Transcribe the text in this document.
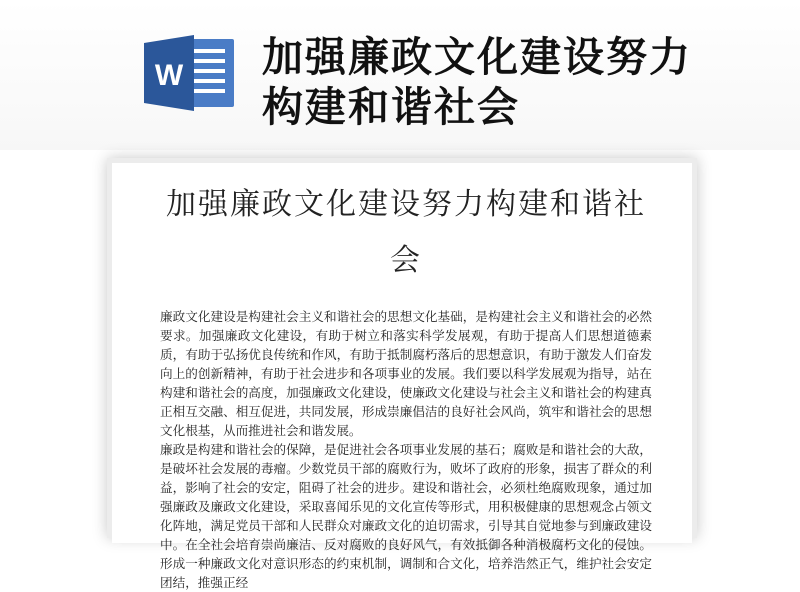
W 加强廉政文化建设努力构建和谐社会
加强廉政文化建设努力构建和谐社会

廉政文化建设是构建社会主义和谐社会的思想文化基础，是构建社会主义和谐社会的必然要求。加强廉政文化建设，有助于树立和落实科学发展观，有助于提高人们思想道德素质，有助于弘扬优良传统和作风，有助于抵制腐朽落后的思想意识，有助于激发人们奋发向上的创新精神，有助于社会进步和各项事业的发展。我们要以科学发展观为指导，站在构建和谐社会的高度，加强廉政文化建设，使廉政文化建设与社会主义和谐社会的构建真正相互交融、相互促进，共同发展，形成崇廉倡洁的良好社会风尚，筑牢和谐社会的思想文化根基，从而推进社会和谐发展。

廉政是构建和谐社会的保障，是促进社会各项事业发展的基石；腐败是和谐社会的大敌，是破坏社会发展的毒瘤。少数党员干部的腐败行为，败坏了政府的形象，损害了群众的利益，影响了社会的安定，阻碍了社会的进步。建设和谐社会，必须杜绝腐败现象，通过加强廉政及廉政文化建设，采取喜闻乐见的文化宣传等形式，用积极健康的思想观念占领文化阵地，满足党员干部和人民群众对廉政文化的迫切需求，引导其自觉地参与到廉政建设中。在全社会培育崇尚廉洁、反对腐败的良好风气，有效抵御各种消极腐朽文化的侵蚀。形成一种廉政文化对意识形态的约束机制，调制和合文化，培养浩然正气，维护社会安定团结，推强正经
